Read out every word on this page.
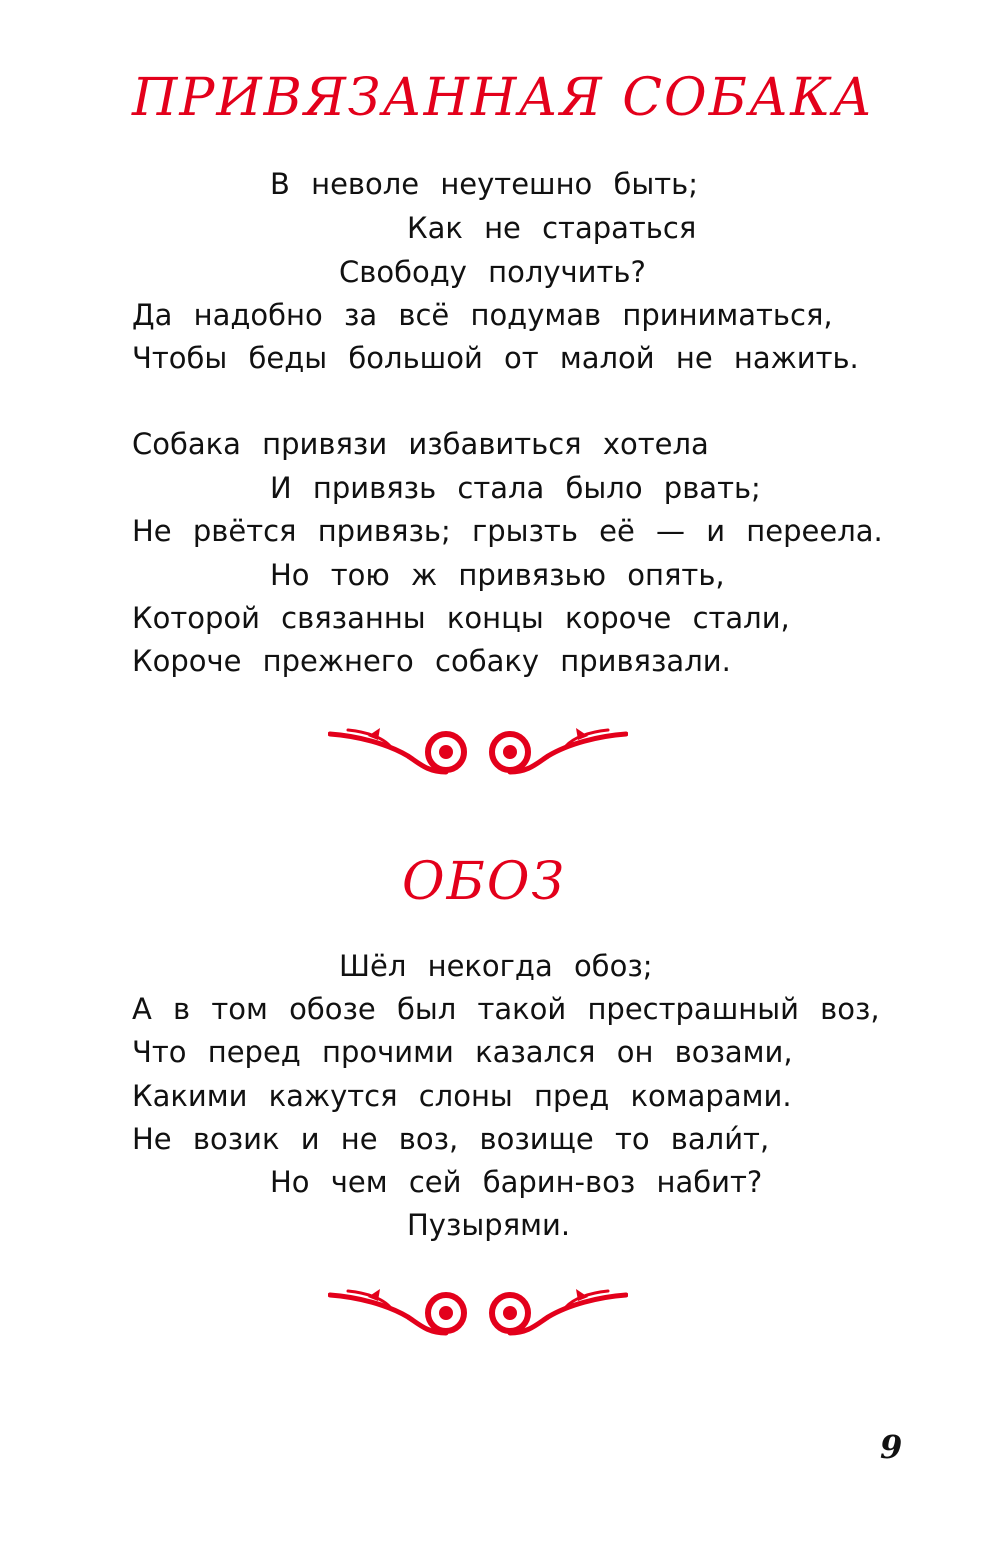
ПРИВЯЗАННАЯ СОБАКА
В неволе неутешно быть;
Как не стараться
Свободу получить?
Да надобно за всё подумав приниматься,
Чтобы беды большой от малой не нажить.
Собака привязи избавиться хотела
И привязь стала было рвать;
Не рвётся привязь; грызть её — и переела.
Но тою ж привязью опять,
Которой связанны концы короче стали,
Короче прежнего собаку привязали.
ОБОЗ
Шёл некогда обоз;
А в том обозе был такой престрашный воз,
Что перед прочими казался он возами,
Какими кажутся слоны пред комарами.
Не возик и не воз, возище то вали́т,
Но чем сей барин-воз набит?
Пузырями.
9
